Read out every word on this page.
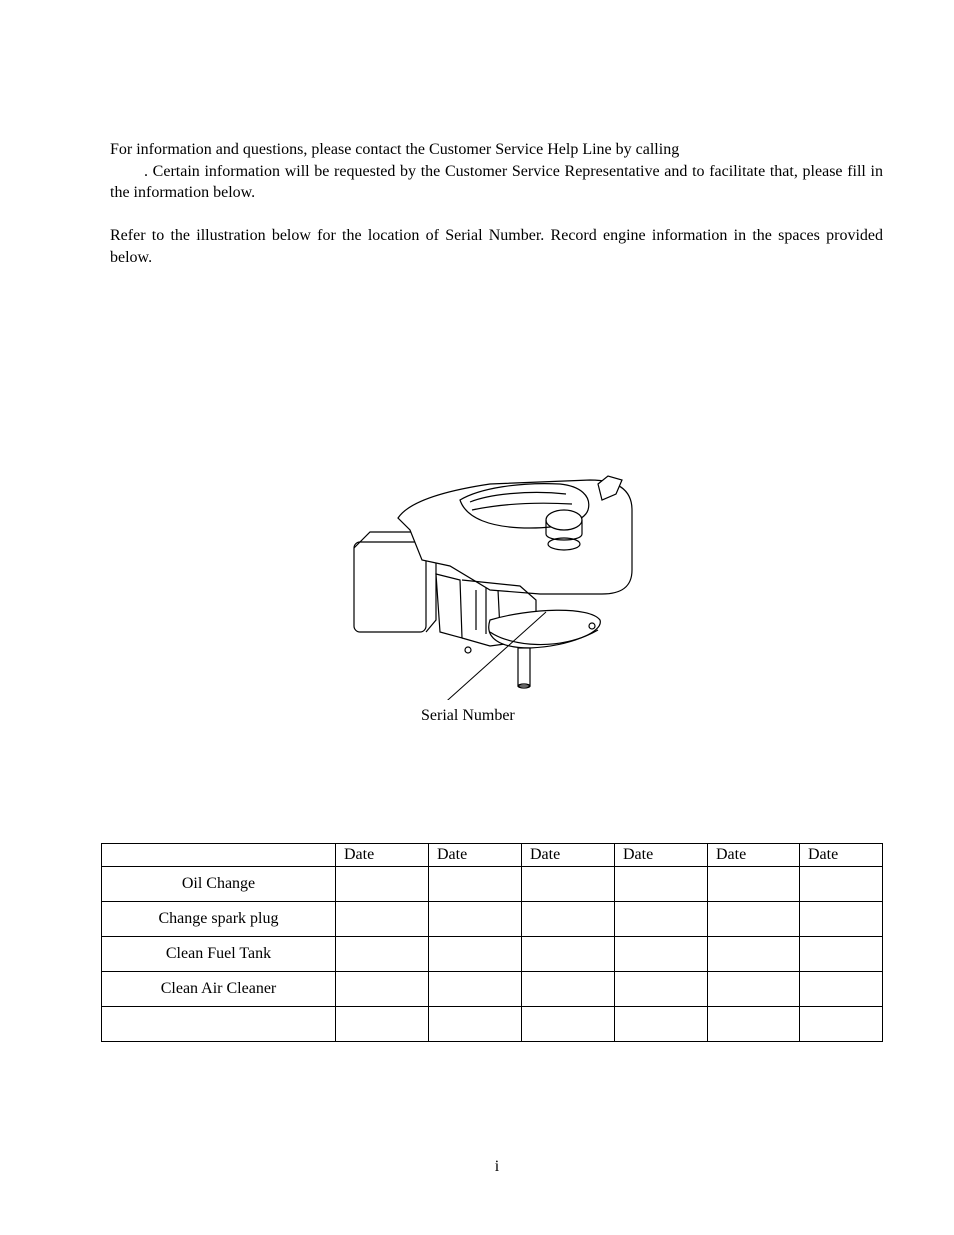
For information and questions, please contact the Customer Service Help Line by calling
. Certain information will be requested by the Customer Service Representative and to facilitate that, please fill in the information below.

Refer to the illustration below for the location of Serial Number. Record engine information in the spaces provided below.

Serial Number
	Date	Date	Date	Date	Date	Date
Oil Change						
Change spark plug						
Clean Fuel Tank						
Clean Air Cleaner						

i
